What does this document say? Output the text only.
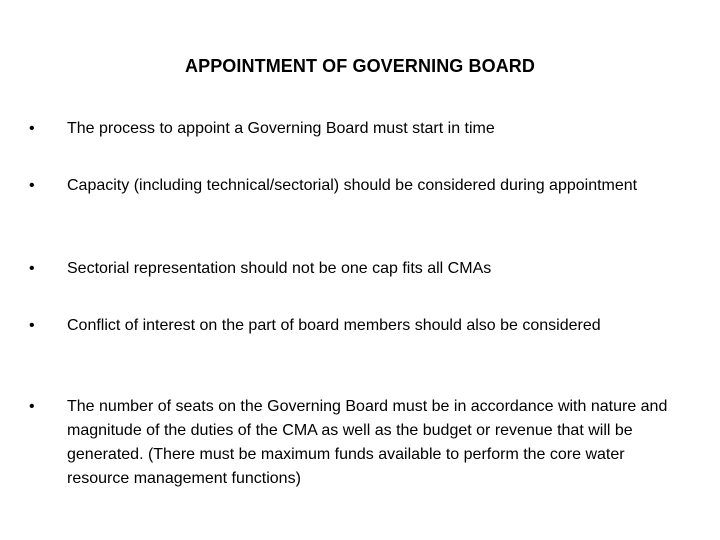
APPOINTMENT OF GOVERNING BOARD
•	The process to appoint a Governing Board must start in time
•	Capacity (including technical/sectorial) should be considered during appointment
•	Sectorial representation should not be one cap fits all CMAs
•	Conflict of interest on the part of board members should also be considered
•	The number of seats on the Governing Board must be in accordance with nature and magnitude of the duties of the CMA as well as the budget or revenue that will be generated. (There must be maximum funds available to perform the core water resource management functions)
